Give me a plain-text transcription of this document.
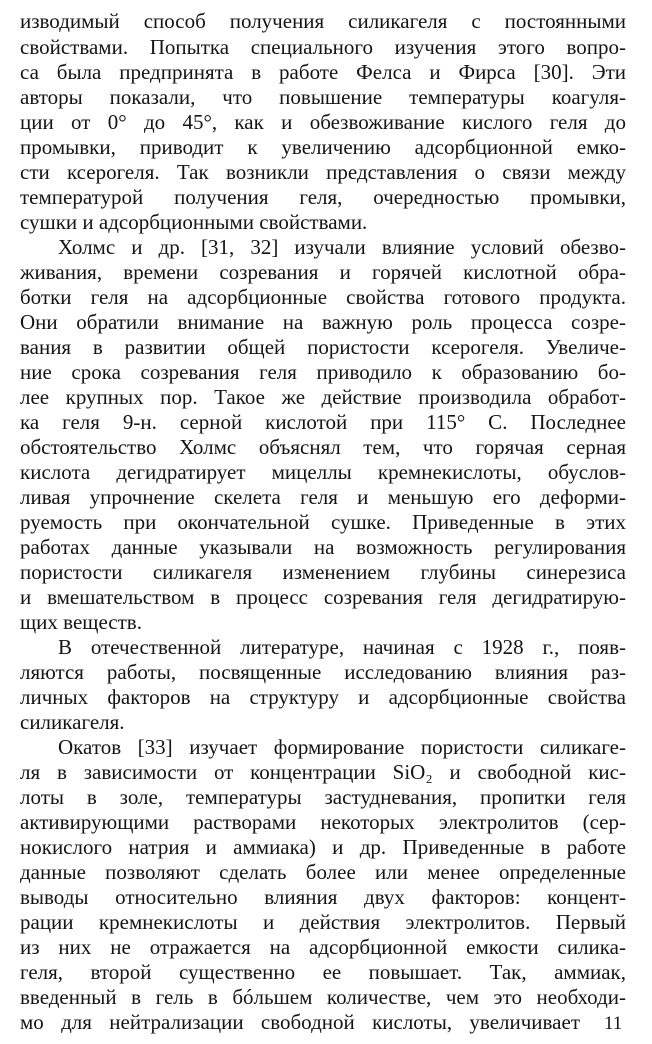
изводимый способ получения силикагеля с постоянными
свойствами. Попытка специального изучения этого вопро-
са была предпринята в работе Фелса и Фирса [30]. Эти
авторы показали, что повышение температуры коагуля-
ции от 0° до 45°, как и обезвоживание кислого геля до
промывки, приводит к увеличению адсорбционной емко-
сти ксерогеля. Так возникли представления о связи между
температурой получения геля, очередностью промывки,
сушки и адсорбционными свойствами.
Холмс и др. [31, 32] изучали влияние условий обезво-
живания, времени созревания и горячей кислотной обра-
ботки геля на адсорбционные свойства готового продукта.
Они обратили внимание на важную роль процесса созре-
вания в развитии общей пористости ксерогеля. Увеличе-
ние срока созревания геля приводило к образованию бо-
лее крупных пор. Такое же действие производила обработ-
ка геля 9-н. серной кислотой при 115° С. Последнее
обстоятельство Холмс объяснял тем, что горячая серная
кислота дегидратирует мицеллы кремнекислоты, обуслов-
ливая упрочнение скелета геля и меньшую его деформи-
руемость при окончательной сушке. Приведенные в этих
работах данные указывали на возможность регулирования
пористости силикагеля изменением глубины синерезиса
и вмешательством в процесс созревания геля дегидратирую-
щих веществ.
В отечественной литературе, начиная с 1928 г., появ-
ляются работы, посвященные исследованию влияния раз-
личных факторов на структуру и адсорбционные свойства
силикагеля.
Окатов [33] изучает формирование пористости силикаге-
ля в зависимости от концентрации SiO₂ и свободной кис-
лоты в золе, температуры застудневания, пропитки геля
активирующими растворами некоторых электролитов (сер-
нокислого натрия и аммиака) и др. Приведенные в работе
данные позволяют сделать более или менее определенные
выводы относительно влияния двух факторов: концент-
рации кремнекислоты и действия электролитов. Первый
из них не отражается на адсорбционной емкости силика-
геля, второй существенно ее повышает. Так, аммиак,
введенный в гель в бóльшем количестве, чем это необходи-
мо для нейтрализации свободной кислоты, увеличивает 11
